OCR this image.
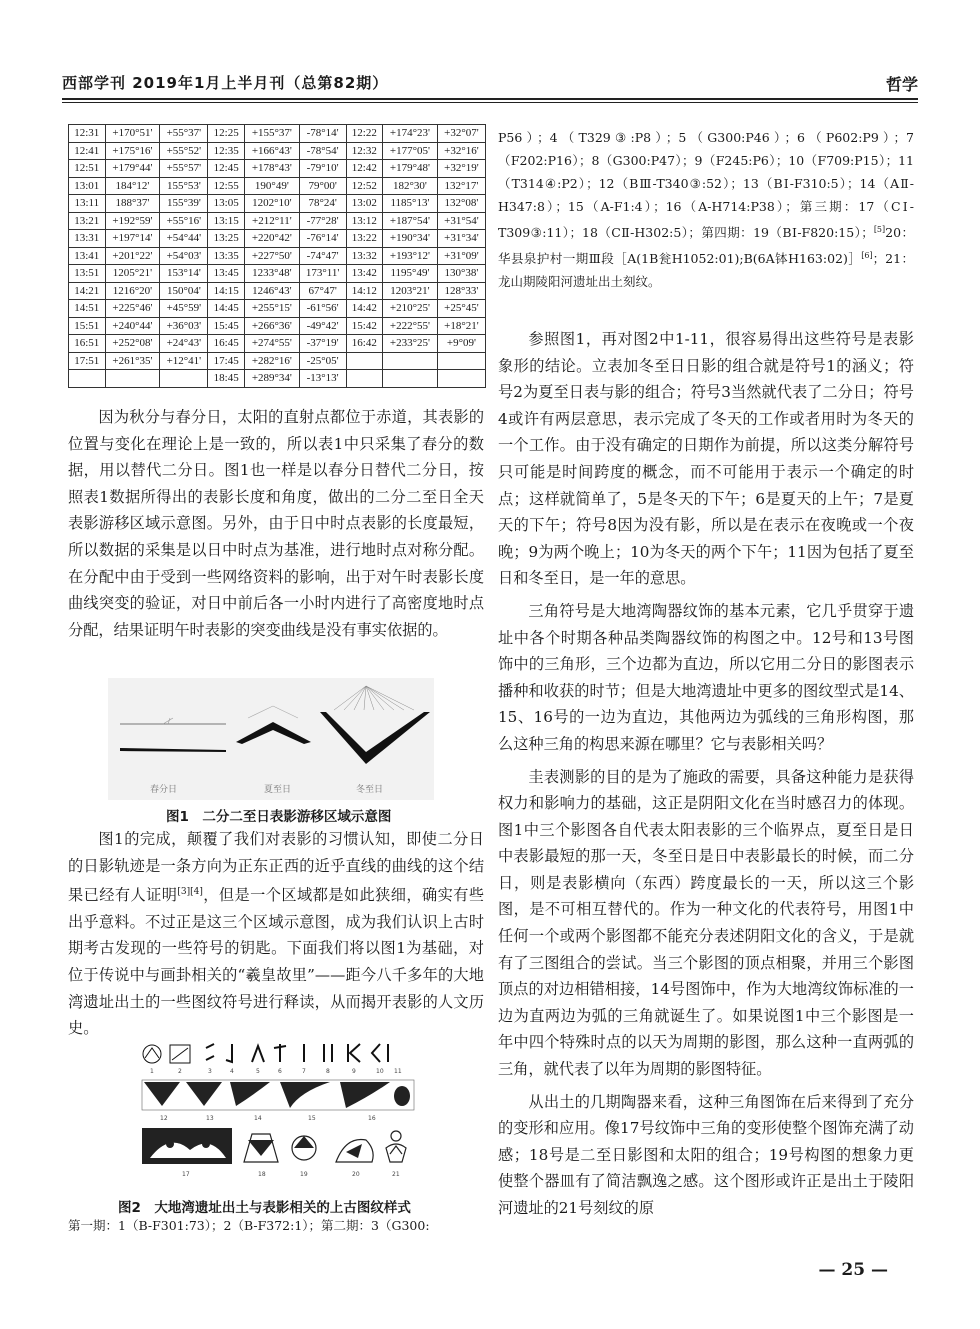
西部学刊 2019年1月上半月刊（总第82期）	哲学
12:31	+170°51'	+55°37'	12:25	+155°37'	-78°14'	12:22	+174°23'	+32°07'
12:41	+175°16'	+55°52'	12:35	+166°43'	-78°54'	12:32	+177°05'	+32°16'
12:51	+179°44'	+55°57'	12:45	+178°43'	-79°10'	12:42	+179°48'	+32°19'
13:01	184°12'	155°53'	12:55	190°49'	79°00'	12:52	182°30'	132°17'
13:11	188°37'	155°39'	13:05	1202°10'	78°24'	13:02	1185°13'	132°08'
13:21	+192°59'	+55°16'	13:15	+212°11'	-77°28'	13:12	+187°54'	+31°54'
13:31	+197°14'	+54°44'	13:25	+220°42'	-76°14'	13:22	+190°34'	+31°34'
13:41	+201°22'	+54°03'	13:35	+227°50'	-74°47'	13:32	+193°12'	+31°09'
13:51	1205°21'	153°14'	13:45	1233°48'	173°11'	13:42	1195°49'	130°38'
14:21	1216°20'	150°04'	14:15	1246°43'	67°47'	14:12	1203°21'	128°33'
14:51	+225°46'	+45°59'	14:45	+255°15'	-61°56'	14:42	+210°25'	+25°45'
15:51	+240°44'	+36°03'	15:45	+266°36'	-49°42'	15:42	+222°55'	+18°21'
16:51	+252°08'	+24°43'	16:45	+274°55'	-37°19'	16:42	+233°25'	+9°09'
17:51	+261°35'	+12°41'	17:45	+282°16'	-25°05'			
			18:45	+289°34'	-13°13'			

因为秋分与春分日，太阳的直射点都位于赤道，其表影的位置与变化在理论上是一致的，所以表1中只采集了春分的数据，用以替代二分日。图1也一样是以春分日替代二分日，按照表1数据所得出的表影长度和角度，做出的二分二至日全天表影游移区域示意图。另外，由于日中时点表影的长度最短，所以数据的采集是以日中时点为基准，进行地时点对称分配。在分配中由于受到一些网络资料的影响，出于对午时表影长度曲线突变的验证，对日中前后各一小时内进行了高密度地时点分配，结果证明午时表影的突变曲线是没有事实依据的。

春分日	夏至日	冬至日
图1　二分二至日表影游移区域示意图

图1的完成，颠覆了我们对表影的习惯认知，即使二分日的日影轨迹是一条方向为正东正西的近乎直线的曲线的这个结果已经有人证明[3][4]，但是一个区域都是如此狭细，确实有些出乎意料。不过正是这三个区域示意图，成为我们认识上古时期考古发现的一些符号的钥匙。下面我们将以图1为基础，对位于传说中与画卦相关的“羲皇故里”——距今八千多年的大地湾遗址出土的一些图纹符号进行释读，从而揭开表影的人文历史。

1	2	3	4	5	6	7	8	9	10 11
12	13	14	15	16
17	18	19	20	21
图2　大地湾遗址出土与表影相关的上古图纹样式
第一期：1（B-F301:73）；2（B-F372:1）；第二期：3（G300:
P56）；4（T329③:P8）；5（G300:P46）；6（P602:P9）；7（F202:P16）；8（G300:P47）；9（F245:P6）；10（F709:P15）；11（T314④:P2）；12（BⅢ-T340③:52）；13（BⅠ-F310:5）；14（AⅡ-H347:8）；15（A-F1:4）；16（A-H714:P38）；第三期：17（CⅠ-T309③:11）；18（CⅡ-H302:5）；第四期：19（BⅠ-F820:15）；[5]20：华县泉护村一期Ⅲ段［A(1B瓮H1052:01);B(6A钵H163:02)］[6]；21：龙山期陵阳河遗址出土刻纹。

参照图1，再对图2中1-11，很容易得出这些符号是表影象形的结论。立表加冬至日日影的组合就是符号1的涵义；符号2为夏至日表与影的组合；符号3当然就代表了二分日；符号4或许有两层意思，表示完成了冬天的工作或者用时为冬天的一个工作。由于没有确定的日期作为前提，所以这类分解符号只可能是时间跨度的概念，而不可能用于表示一个确定的时点；这样就简单了，5是冬天的下午；6是夏天的上午；7是夏天的下午；符号8因为没有影，所以是在表示在夜晚或一个夜晚；9为两个晚上；10为冬天的两个下午；11因为包括了夏至日和冬至日，是一年的意思。

三角符号是大地湾陶器纹饰的基本元素，它几乎贯穿于遗址中各个时期各种品类陶器纹饰的构图之中。12号和13号图饰中的三角形，三个边都为直边，所以它用二分日的影图表示播种和收获的时节；但是大地湾遗址中更多的图纹型式是14、15、16号的一边为直边，其他两边为弧线的三角形构图，那么这种三角的构思来源在哪里？它与表影相关吗？

圭表测影的目的是为了施政的需要，具备这种能力是获得权力和影响力的基础，这正是阴阳文化在当时感召力的体现。图1中三个影图各自代表太阳表影的三个临界点，夏至日是日中表影最短的那一天，冬至日是日中表影最长的时候，而二分日，则是表影横向（东西）跨度最长的一天，所以这三个影图，是不可相互替代的。作为一种文化的代表符号，用图1中任何一个或两个影图都不能充分表述阴阳文化的含义，于是就有了三图组合的尝试。当三个影图的顶点相聚，并用三个影图顶点的对边相错相接，14号图饰中，作为大地湾纹饰标准的一边为直两边为弧的三角就诞生了。如果说图1中三个影图是一年中四个特殊时点的以天为周期的影图，那么这种一直两弧的三角，就代表了以年为周期的影图特征。

从出土的几期陶器来看，这种三角图饰在后来得到了充分的变形和应用。像17号纹饰中三角的变形使整个图饰充满了动感；18号是二至日影图和太阳的组合；19号构图的想象力更使整个器皿有了简洁飘逸之感。这个图形或许正是出土于陵阳河遗址的21号刻纹的原

— 25 —
